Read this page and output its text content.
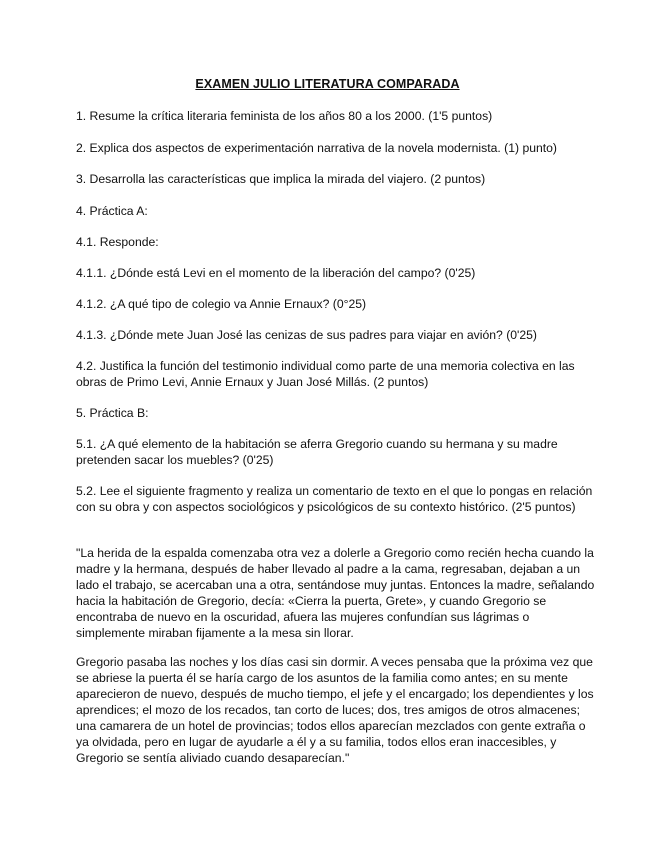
EXAMEN JULIO LITERATURA COMPARADA
1. Resume la crítica literaria feminista de los años 80 a los 2000. (1'5 puntos)
2. Explica dos aspectos de experimentación narrativa de la novela modernista. (1) punto)
3. Desarrolla las características que implica la mirada del viajero. (2 puntos)
4. Práctica A:
4.1. Responde:
4.1.1. ¿Dónde está Levi en el momento de la liberación del campo? (0'25)
4.1.2. ¿A qué tipo de colegio va Annie Ernaux? (0°25)
4.1.3. ¿Dónde mete Juan José las cenizas de sus padres para viajar en avión? (0'25)
4.2. Justifica la función del testimonio individual como parte de una memoria colectiva en las
obras de Primo Levi, Annie Ernaux y Juan José Millás. (2 puntos)
5. Práctica B:
5.1. ¿A qué elemento de la habitación se aferra Gregorio cuando su hermana y su madre
pretenden sacar los muebles? (0'25)
5.2. Lee el siguiente fragmento y realiza un comentario de texto en el que lo pongas en relación
con su obra y con aspectos sociológicos y psicológicos de su contexto histórico. (2'5 puntos)
"La herida de la espalda comenzaba otra vez a dolerle a Gregorio como recién hecha cuando la
madre y la hermana, después de haber llevado al padre a la cama, regresaban, dejaban a un
lado el trabajo, se acercaban una a otra, sentándose muy juntas. Entonces la madre, señalando
hacia la habitación de Gregorio, decía: «Cierra la puerta, Grete», y cuando Gregorio se
encontraba de nuevo en la oscuridad, afuera las mujeres confundían sus lágrimas o
simplemente miraban fijamente a la mesa sin llorar.
Gregorio pasaba las noches y los días casi sin dormir. A veces pensaba que la próxima vez que
se abriese la puerta él se haría cargo de los asuntos de la familia como antes; en su mente
aparecieron de nuevo, después de mucho tiempo, el jefe y el encargado; los dependientes y los
aprendices; el mozo de los recados, tan corto de luces; dos, tres amigos de otros almacenes;
una camarera de un hotel de provincias; todos ellos aparecían mezclados con gente extraña o
ya olvidada, pero en lugar de ayudarle a él y a su familia, todos ellos eran inaccesibles, y
Gregorio se sentía aliviado cuando desaparecían."
